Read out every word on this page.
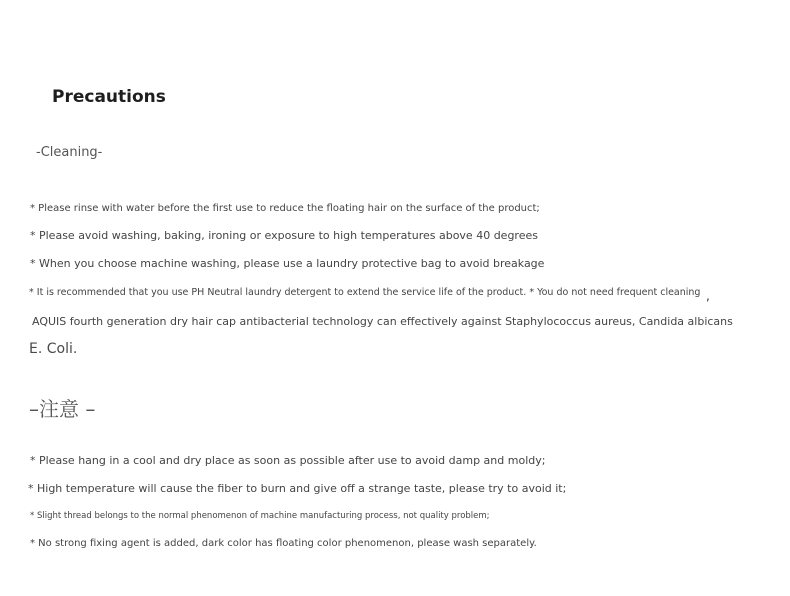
Precautions
-Cleaning-
* Please rinse with water before the first use to reduce the floating hair on the surface of the product;
* Please avoid washing, baking, ironing or exposure to high temperatures above 40 degrees
* When you choose machine washing, please use a laundry protective bag to avoid breakage
* It is recommended that you use PH Neutral laundry detergent to extend the service life of the product. * You do not need frequent cleaning ,
AQUIS fourth generation dry hair cap antibacterial technology can effectively against Staphylococcus aureus, Candida albicans
E. Coli.
–注意 –
* Please hang in a cool and dry place as soon as possible after use to avoid damp and moldy;
* High temperature will cause the fiber to burn and give off a strange taste, please try to avoid it;
* Slight thread belongs to the normal phenomenon of machine manufacturing process, not quality problem;
* No strong fixing agent is added, dark color has floating color phenomenon, please wash separately.
